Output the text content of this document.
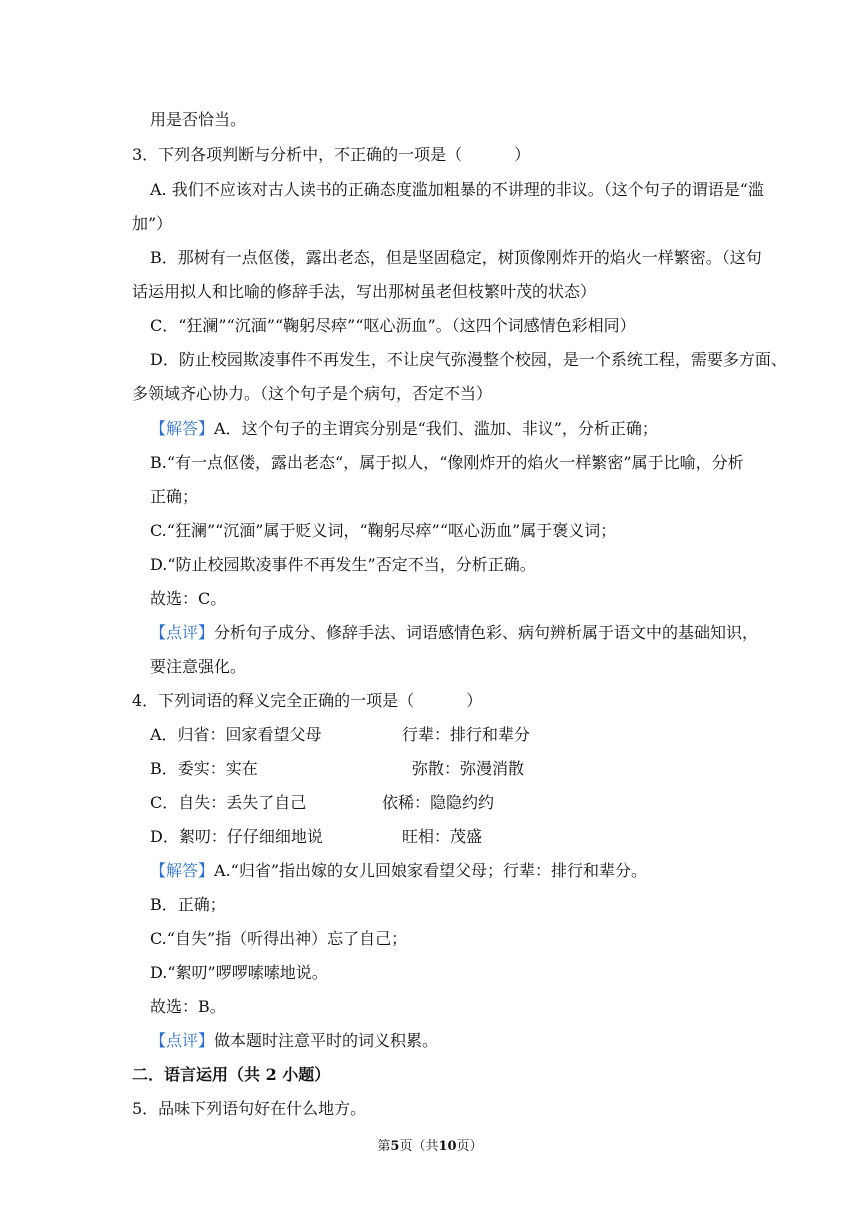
用是否恰当。
3．下列各项判断与分析中，不正确的一项是（	）
A. 我们不应该对古人读书的正确态度滥加粗暴的不讲理的非议。（这个句子的谓语是“滥
加”）
B．那树有一点伛偻，露出老态，但是坚固稳定，树顶像刚炸开的焰火一样繁密。（这句
话运用拟人和比喻的修辞手法，写出那树虽老但枝繁叶茂的状态）
C．“狂澜”“沉湎”“鞠躬尽瘁”“呕心沥血”。（这四个词感情色彩相同）
D．防止校园欺凌事件不再发生，不让戾气弥漫整个校园，是一个系统工程，需要多方面、
多领域齐心协力。（这个句子是个病句，否定不当）
【解答】A．这个句子的主谓宾分别是“我们、滥加、非议”，分析正确；
B.“有一点伛偻，露出老态“，属于拟人，“像刚炸开的焰火一样繁密”属于比喻，分析
正确；
C.“狂澜”“沉湎”属于贬义词，“鞠躬尽瘁”“呕心沥血”属于褒义词；
D.“防止校园欺凌事件不再发生”否定不当，分析正确。
故选：C。
【点评】分析句子成分、修辞手法、词语感情色彩、病句辨析属于语文中的基础知识，
要注意强化。
4．下列词语的释义完全正确的一项是（	）
A．归省：回家看望父母	行辈：排行和辈分
B．委实：实在	弥散：弥漫消散
C．自失：丢失了自己	依稀：隐隐约约
D．絮叨：仔仔细细地说	旺相：茂盛
【解答】A.“归省”指出嫁的女儿回娘家看望父母；行辈：排行和辈分。
B．正确；
C.“自失”指（听得出神）忘了自己；
D.“絮叨”啰啰嗦嗦地说。
故选：B。
【点评】做本题时注意平时的词义积累。
二．语言运用（共 2 小题）
5．品味下列语句好在什么地方。
第5页（共10页）
